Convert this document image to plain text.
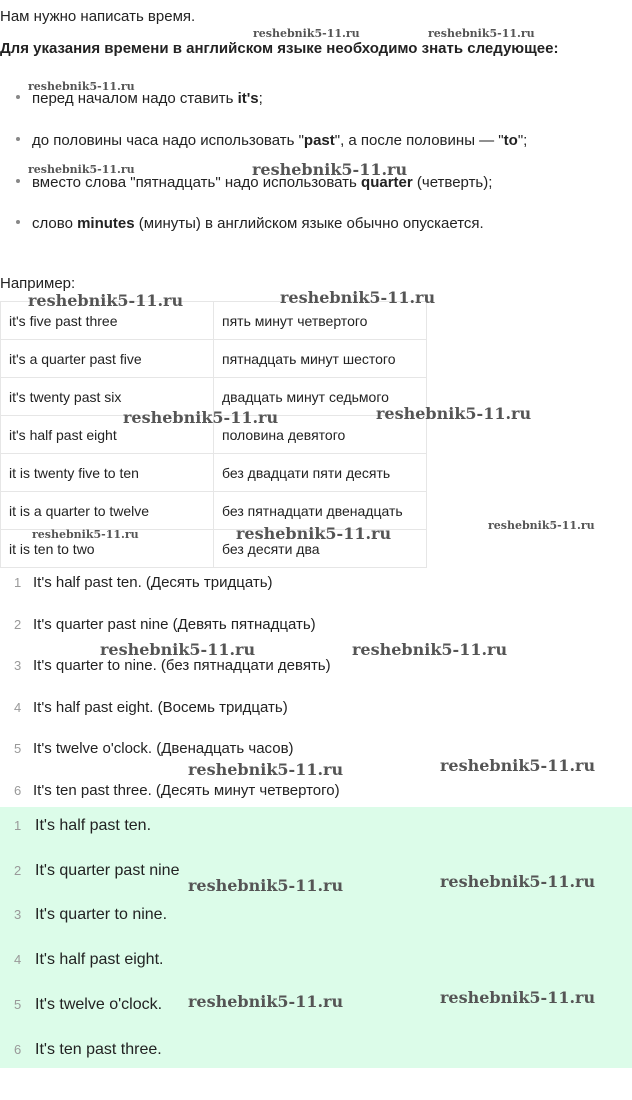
Нам нужно написать время.
Для указания времени в английском языке необходимо знать следующее:
перед началом надо ставить it's;
до половины часа надо использовать "past", а после половины — "to";
вместо слова "пятнадцать" надо использовать quarter (четверть);
слово minutes (минуты) в английском языке обычно опускается.
Например:
it's five past three	пять минут четвертого
it's a quarter past five	пятнадцать минут шестого
it's twenty past six	двадцать минут седьмого
it's half past eight	половина девятого
it is twenty five to ten	без двадцати пяти десять
it is a quarter to twelve	без пятнадцати двенадцать
it is ten to two	без десяти два
1 It's half past ten. (Десять тридцать)
2 It's quarter past nine (Девять пятнадцать)
3 It's quarter to nine. (без пятнадцати девять)
4 It's half past eight. (Восемь тридцать)
5 It's twelve o'clock. (Двенадцать часов)
6 It's ten past three. (Десять минут четвертого)
1 It's half past ten.
2 It's quarter past nine
3 It's quarter to nine.
4 It's half past eight.
5 It's twelve o'clock.
6 It's ten past three.
reshebnik5-11.ru	reshebnik5-11.ru
reshebnik5-11.ru
reshebnik5-11.ru	reshebnik5-11.ru
reshebnik5-11.ru	reshebnik5-11.ru
reshebnik5-11.ru	reshebnik5-11.ru
reshebnik5-11.ru	reshebnik5-11.ru	reshebnik5-11.ru
reshebnik5-11.ru	reshebnik5-11.ru
reshebnik5-11.ru	reshebnik5-11.ru
reshebnik5-11.ru	reshebnik5-11.ru
reshebnik5-11.ru	reshebnik5-11.ru
